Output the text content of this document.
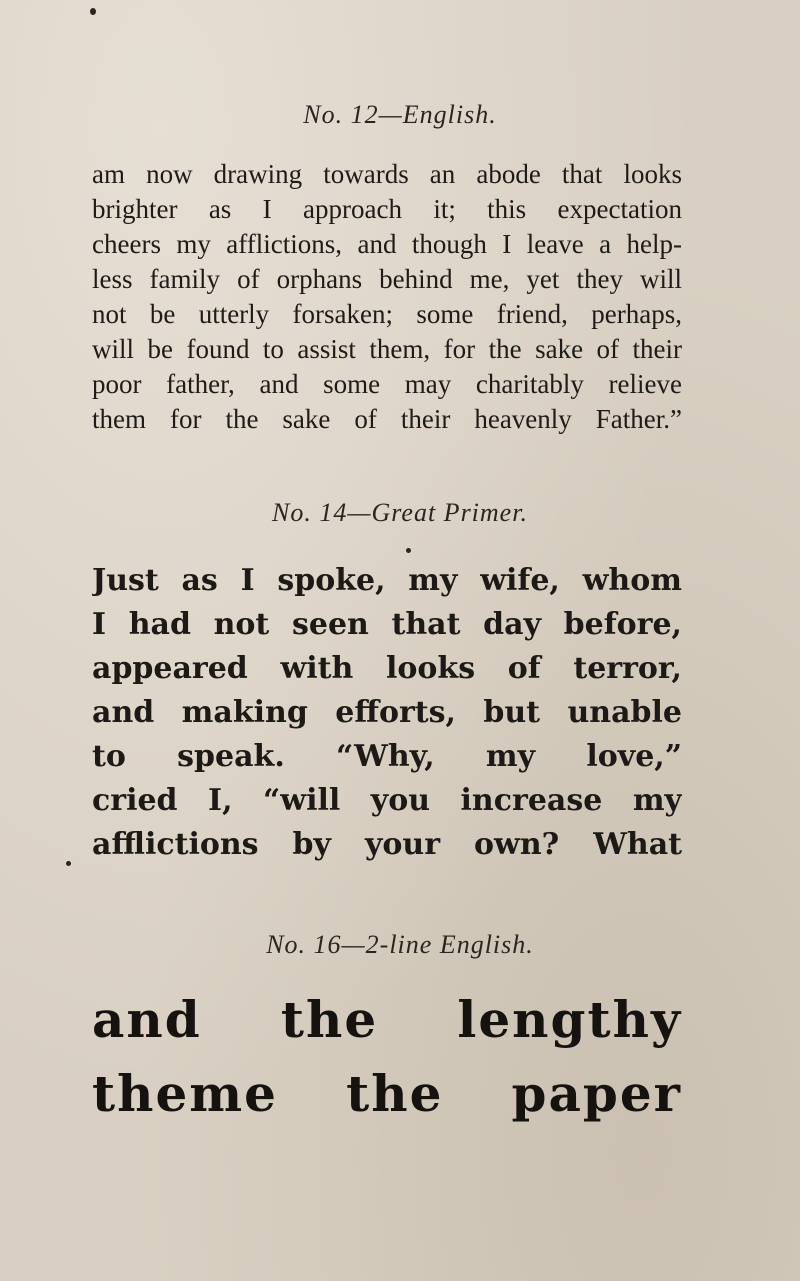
No. 12—English.
am now drawing towards an abode that looks
brighter as I approach it; this expectation
cheers my afflictions, and though I leave a help-
less family of orphans behind me, yet they will
not be utterly forsaken; some friend, perhaps,
will be found to assist them, for the sake of their
poor father, and some may charitably relieve
them for the sake of their heavenly Father.”
No. 14—Great Primer.
Just as I spoke, my wife, whom
I had not seen that day before,
appeared with looks of terror,
and making efforts, but unable
to speak. “Why, my love,”
cried I, “will you increase my
afflictions by your own? What
No. 16—2-line English.
and the lengthy
theme the paper
